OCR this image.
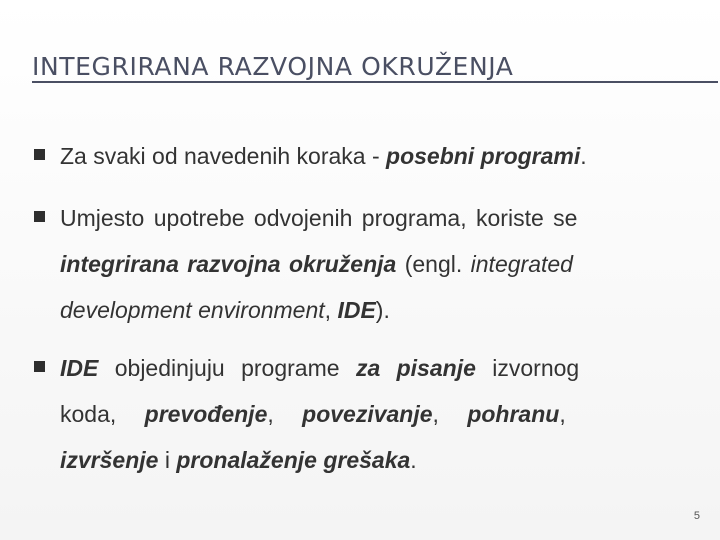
INTEGRIRANA RAZVOJNA OKRUŽENJA
Za svaki od navedenih koraka - posebni programi.
Umjesto upotrebe odvojenih programa, koriste se
integrirana razvojna okruženja (engl. integrated
development environment, IDE).
IDE objedinjuju programe za pisanje izvornog
koda, prevođenje, povezivanje, pohranu,
izvršenje i pronalaženje grešaka.
5
